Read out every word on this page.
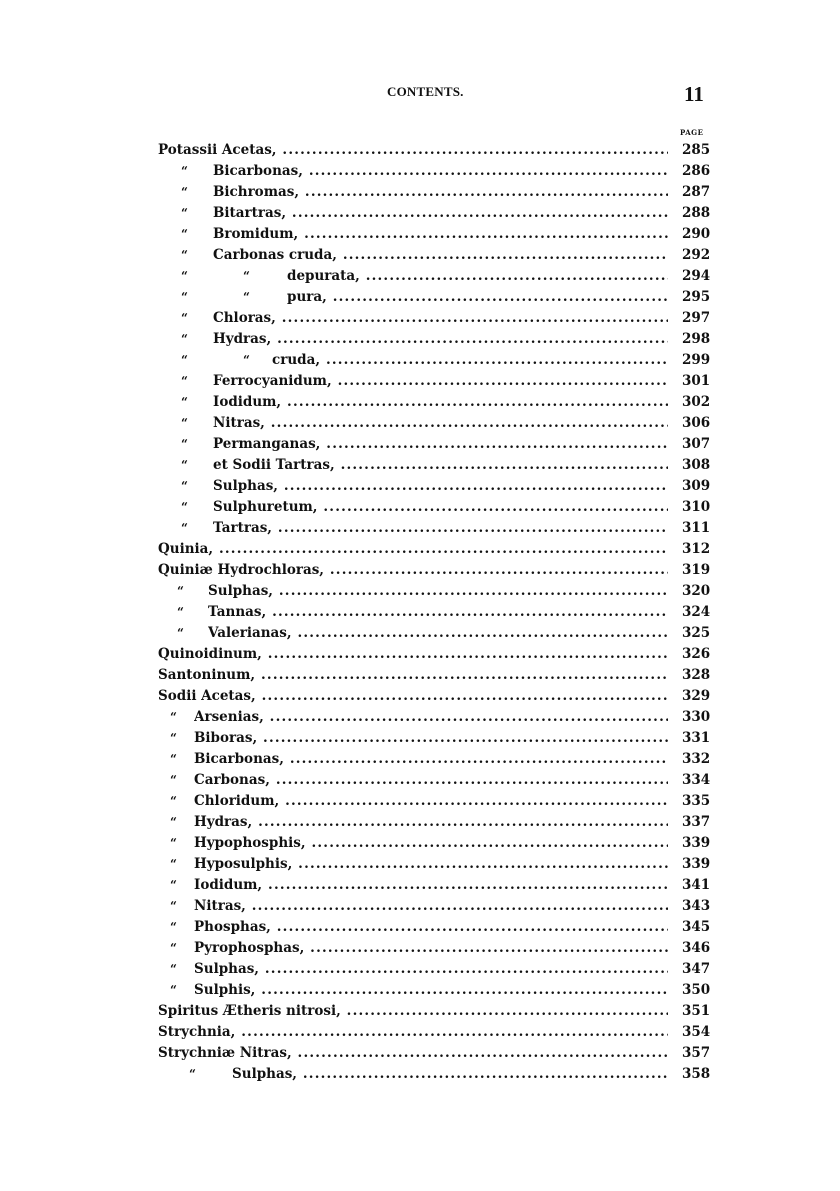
CONTENTS.	11
PAGE
Potassii Acetas, .....	285
“ Bicarbonas, .....	286
“ Bichromas, .....	287
“ Bitartras, .....	288
“ Bromidum, .....	290
“ Carbonas cruda, .....	292
“	“	depurata, .....	294
“	“	pura, .....	295
“ Chloras, .....	297
“ Hydras, .....	298
“	“ cruda, .....	299
“ Ferrocyanidum, .....	301
“ Iodidum, .....	302
“ Nitras, .....	306
“ Permanganas, .....	307
“ et Sodii Tartras, .....	308
“ Sulphas, .....	309
“ Sulphuretum, .....	310
“ Tartras, .....	311
Quinia, .....	312
Quiniæ Hydrochloras, .....	319
“ Sulphas, .....	320
“ Tannas, .....	324
“ Valerianas, .....	325
Quinoidinum, .....	326
Santoninum, .....	328
Sodii Acetas, .....	329
“ Arsenias, .....	330
“ Biboras, .....	331
“ Bicarbonas, .....	332
“ Carbonas, .....	334
“ Chloridum, .....	335
“ Hydras, .....	337
“ Hypophosphis, .....	339
“ Hyposulphis, .....	339
“ Iodidum, .....	341
“ Nitras, .....	343
“ Phosphas, .....	345
“ Pyrophosphas, .....	346
“ Sulphas, .....	347
“ Sulphis, .....	350
Spiritus Ætheris nitrosi, .....	351
Strychnia, .....	354
Strychniæ Nitras, .....	357
“	Sulphas, .....	358
